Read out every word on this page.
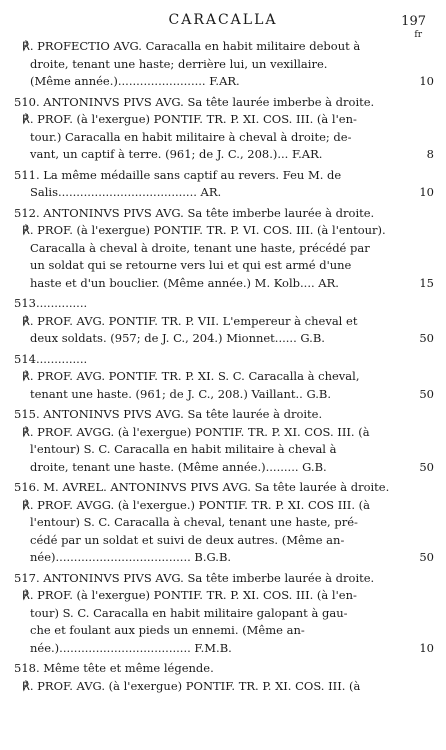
CARACALLA	197
fr
℟. PROFECTIO AVG. Caracalla en habit militaire debout à
droite, tenant une haste; derrière lui, un vexillaire.
(Même année.)........................ F.AR.	10
510. ANTONINVS PIVS AVG. Sa tête laurée imberbe à droite.
℟. PROF. (à l'exergue) PONTIF. TR. P. XI. COS. III. (à l'en-
tour.) Caracalla en habit militaire à cheval à droite; de-
vant, un captif à terre. (961; de J. C., 208.)... F.AR.	8
511. La même médaille sans captif au revers. Feu M. de
Salis...................................... AR.	10
512. ANTONINVS PIVS AVG. Sa tête imberbe laurée à droite.
℟. PROF. (à l'exergue) PONTIF. TR. P. VI. COS. III. (à l'entour).
Caracalla à cheval à droite, tenant une haste, précédé par
un soldat qui se retourne vers lui et qui est armé d'une
haste et d'un bouclier. (Même année.) M. Kolb.... AR.	15
513..............
℟. PROF. AVG. PONTIF. TR. P. VII. L'empereur à cheval et
deux soldats. (957; de J. C., 204.) Mionnet...... G.B.	50
514..............
℟. PROF. AVG. PONTIF. TR. P. XI. S. C. Caracalla à cheval,
tenant une haste. (961; de J. C., 208.) Vaillant.. G.B.	50
515. ANTONINVS PIVS AVG. Sa tête laurée à droite.
℟. PROF. AVGG. (à l'exergue) PONTIF. TR. P. XI. COS. III. (à
l'entour) S. C. Caracalla en habit militaire à cheval à
droite, tenant une haste. (Même année.)......... G.B.	50
516. M. AVREL. ANTONINVS PIVS AVG. Sa tête laurée à droite.
℟. PROF. AVGG. (à l'exergue.) PONTIF. TR. P. XI. COS III. (à
l'entour) S. C. Caracalla à cheval, tenant une haste, pré-
cédé par un soldat et suivi de deux autres. (Même an-
née)..................................... B.G.B.	50
517. ANTONINVS PIVS AVG. Sa tête imberbe laurée à droite.
℟. PROF. (à l'exergue) PONTIF. TR. P. XI. COS. III. (à l'en-
tour) S. C. Caracalla en habit militaire galopant à gau-
che et foulant aux pieds un ennemi. (Même an-
née.).................................... F.M.B.	10
518. Même tête et même légende.
℟. PROF. AVG. (à l'exergue) PONTIF. TR. P. XI. COS. III. (à
